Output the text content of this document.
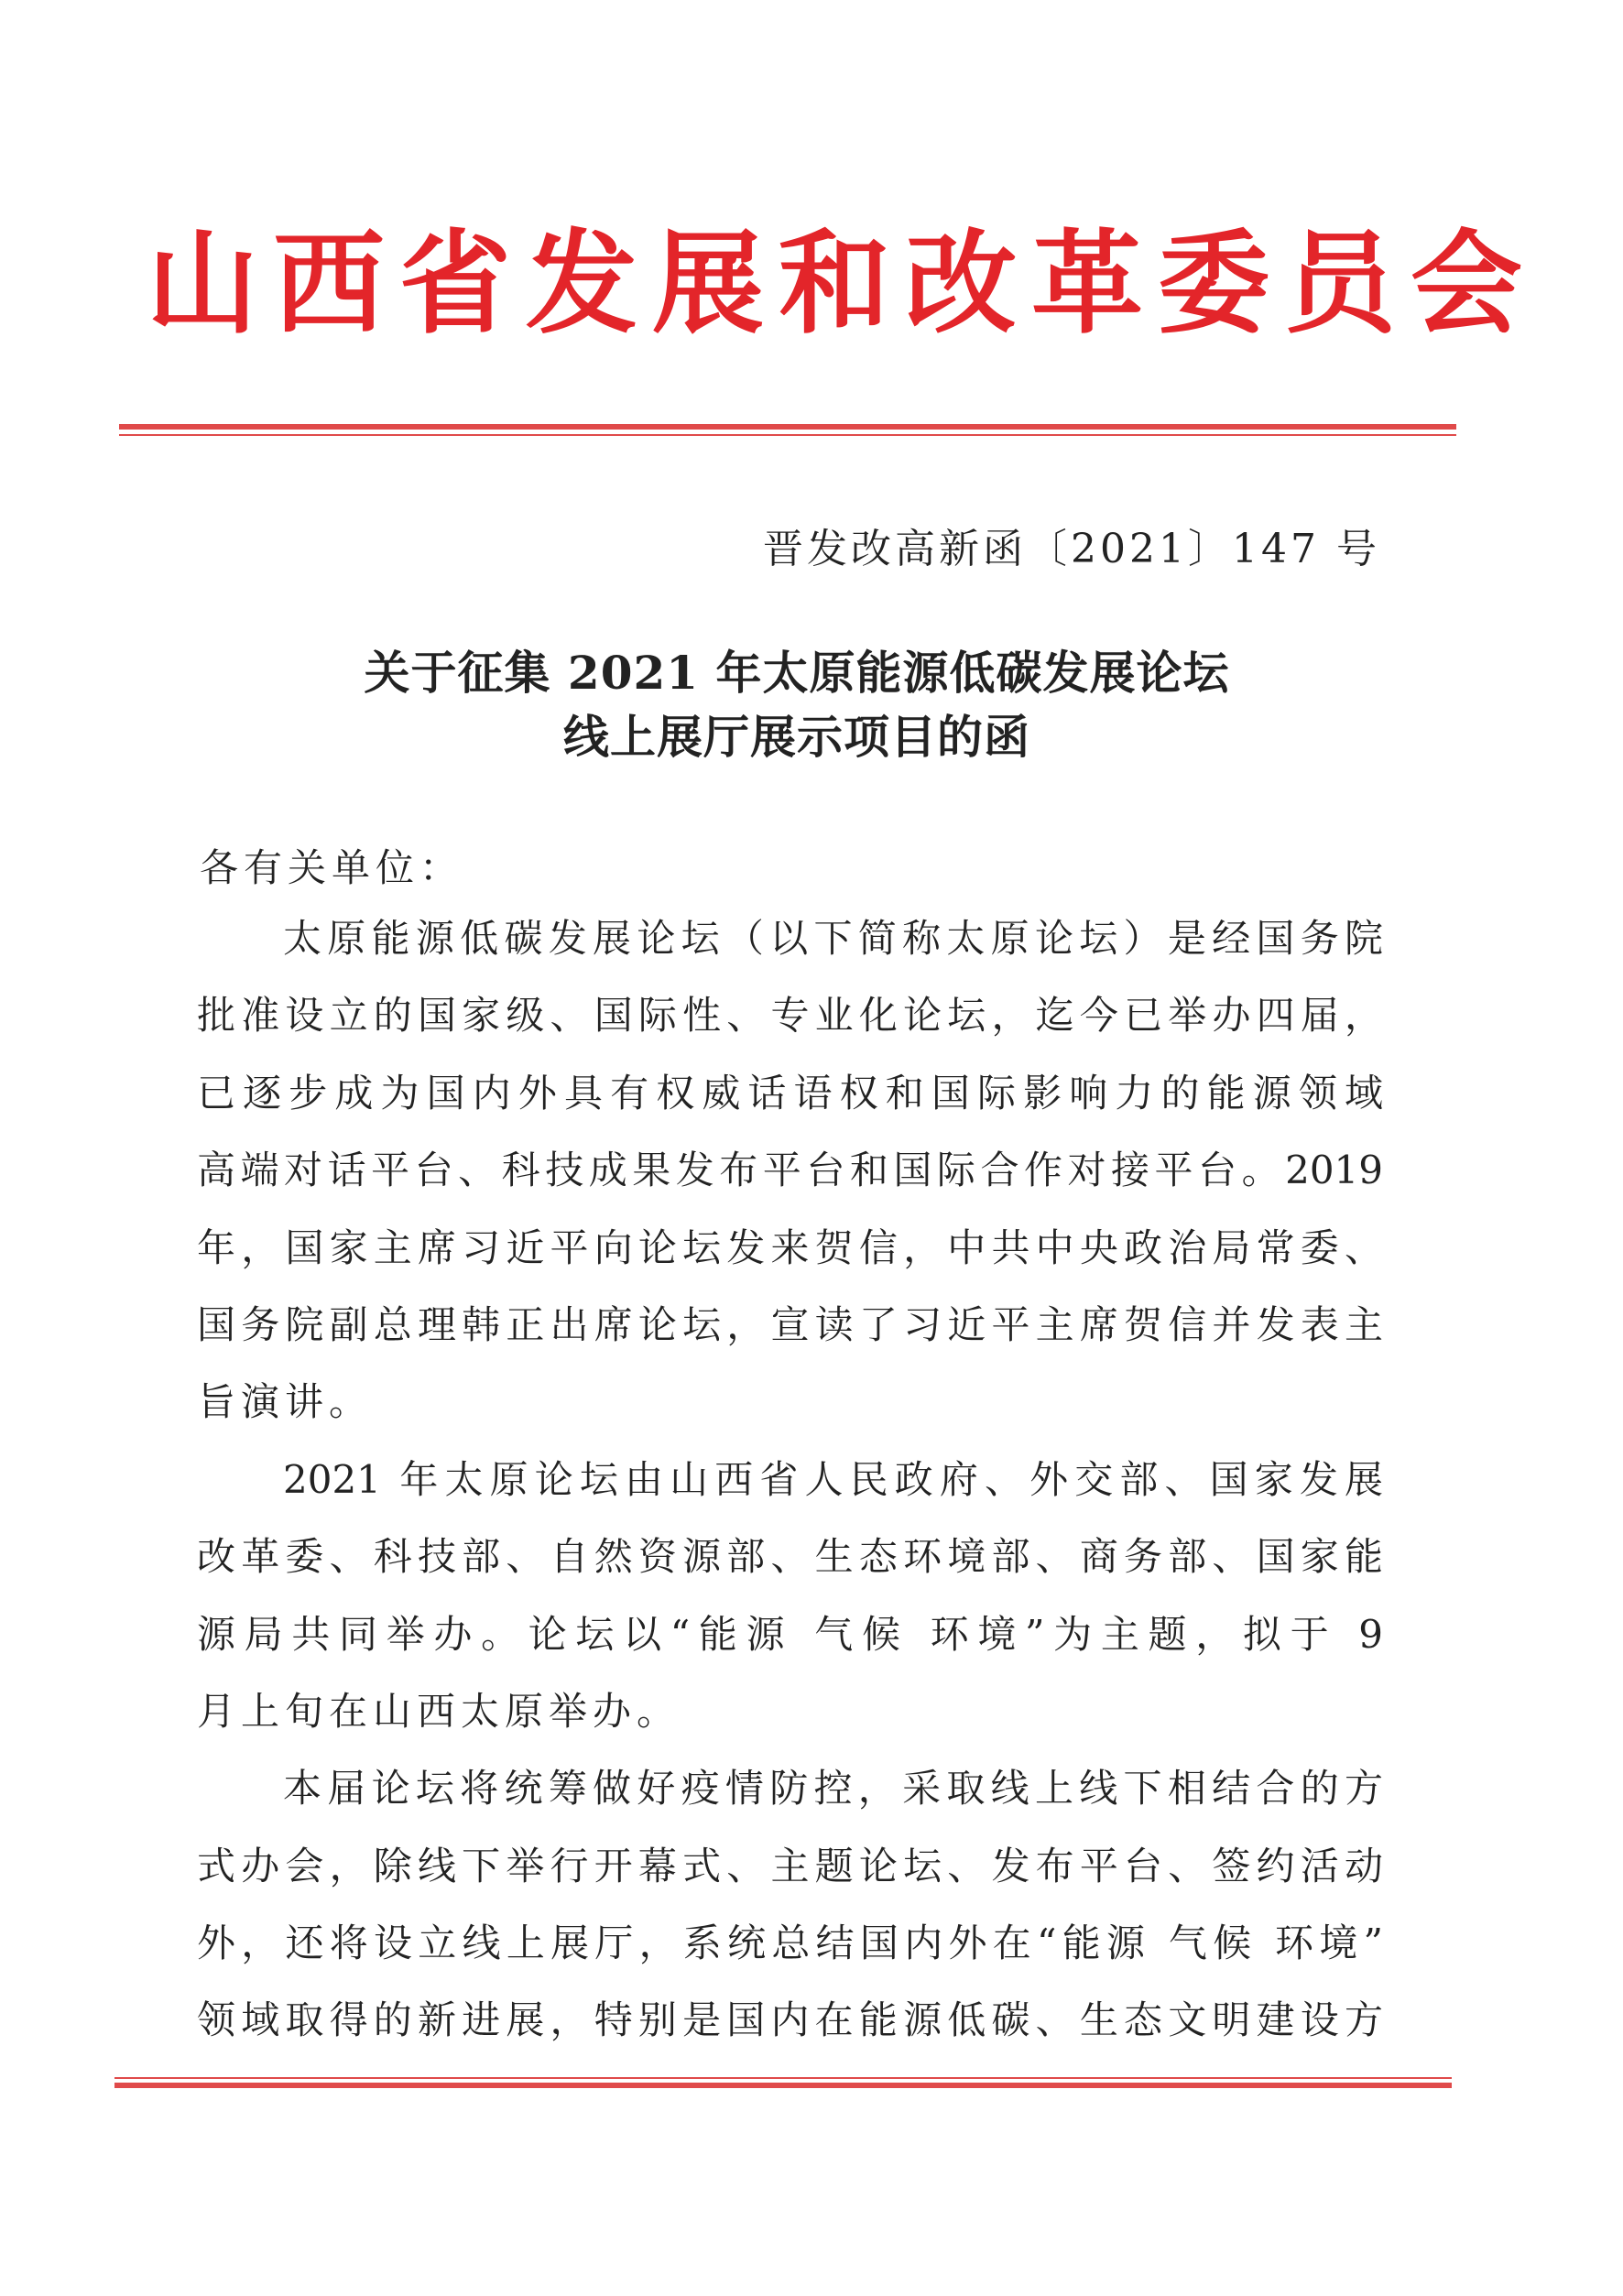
山西省发展和改革委员会
晋发改高新函〔2021〕147 号
关于征集 2021 年太原能源低碳发展论坛
线上展厅展示项目的函
各有关单位：
太原能源低碳发展论坛（以下简称太原论坛）是经国务院
批准设立的国家级、国际性、专业化论坛，迄今已举办四届，
已逐步成为国内外具有权威话语权和国际影响力的能源领域
高端对话平台、科技成果发布平台和国际合作对接平台。2019
年，国家主席习近平向论坛发来贺信，中共中央政治局常委、
国务院副总理韩正出席论坛，宣读了习近平主席贺信并发表主
旨演讲。
2021 年太原论坛由山西省人民政府、外交部、国家发展
改革委、科技部、自然资源部、生态环境部、商务部、国家能
源局共同举办。论坛以“能源 气候 环境”为主题，拟于 9
月上旬在山西太原举办。
本届论坛将统筹做好疫情防控，采取线上线下相结合的方
式办会，除线下举行开幕式、主题论坛、发布平台、签约活动
外，还将设立线上展厅，系统总结国内外在“能源 气候 环境”
领域取得的新进展，特别是国内在能源低碳、生态文明建设方
